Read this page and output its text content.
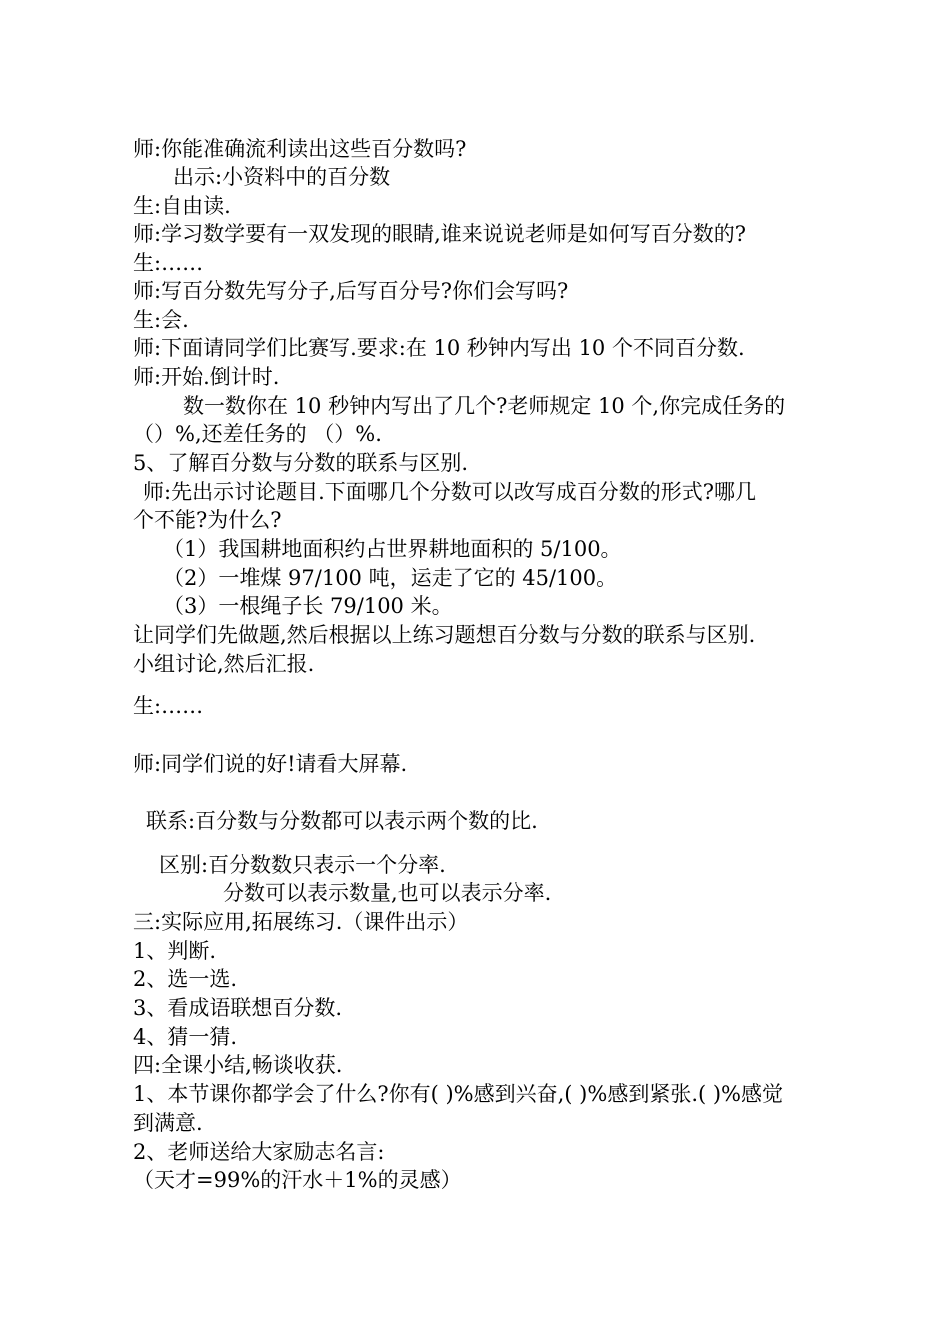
师:你能准确流利读出这些百分数吗?
出示:小资料中的百分数
生:自由读.
师:学习数学要有一双发现的眼睛,谁来说说老师是如何写百分数的?
生:……
师:写百分数先写分子,后写百分号?你们会写吗?
生:会.
师:下面请同学们比赛写.要求:在 10 秒钟内写出 10 个不同百分数.
师:开始.倒计时.
数一数你在 10 秒钟内写出了几个?老师规定 10 个,你完成任务的
（）%,还差任务的 （）%.
5、了解百分数与分数的联系与区别.
师:先出示讨论题目.下面哪几个分数可以改写成百分数的形式?哪几
个不能?为什么?
（1）我国耕地面积约占世界耕地面积的 5/100。
（2）一堆煤 97/100 吨，运走了它的 45/100。
（3）一根绳子长 79/100 米。
让同学们先做题,然后根据以上练习题想百分数与分数的联系与区别.
小组讨论,然后汇报.
生:……
师:同学们说的好!请看大屏幕.
联系:百分数与分数都可以表示两个数的比.
区别:百分数数只表示一个分率.
分数可以表示数量,也可以表示分率.
三:实际应用,拓展练习.（课件出示）
1、判断.
2、选一选.
3、看成语联想百分数.
4、猜一猜.
四:全课小结,畅谈收获.
1、本节课你都学会了什么?你有( )%感到兴奋,( )%感到紧张.( )%感觉
到满意.
2、老师送给大家励志名言:
（天才=99%的汗水＋1%的灵感）
